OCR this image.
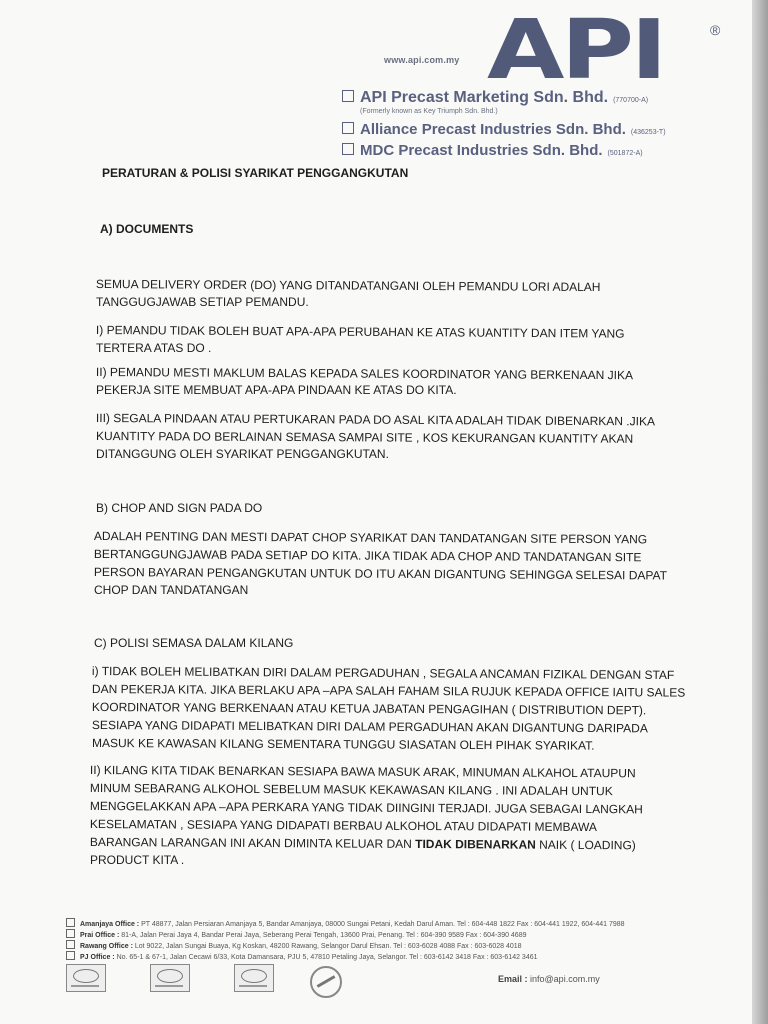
www.api.com.my API	®
API Precast Marketing Sdn. Bhd. (770700-A)
(Formerly known as Key Triumph Sdn. Bhd.)
Alliance Precast Industries Sdn. Bhd. (436253-T)
MDC Precast Industries Sdn. Bhd. (501872-A)
PERATURAN & POLISI SYARIKAT PENGGANGKUTAN
A) DOCUMENTS
SEMUA DELIVERY ORDER (DO) YANG DITANDATANGANI OLEH PEMANDU LORI ADALAH
TANGGUGJAWAB SETIAP PEMANDU.
I) PEMANDU TIDAK BOLEH BUAT APA-APA PERUBAHAN KE ATAS KUANTITY DAN ITEM YANG
TERTERA ATAS DO .
II) PEMANDU MESTI MAKLUM BALAS KEPADA SALES KOORDINATOR YANG BERKENAAN JIKA
PEKERJA SITE MEMBUAT APA-APA PINDAAN KE ATAS DO KITA.
III) SEGALA PINDAAN ATAU PERTUKARAN PADA DO ASAL KITA ADALAH TIDAK DIBENARKAN .JIKA
KUANTITY PADA DO BERLAINAN SEMASA SAMPAI SITE , KOS KEKURANGAN KUANTITY AKAN
DITANGGUNG OLEH SYARIKAT PENGGANGKUTAN.
B) CHOP AND SIGN PADA DO
ADALAH PENTING DAN MESTI DAPAT CHOP SYARIKAT DAN TANDATANGAN SITE PERSON YANG
BERTANGGUNGJAWAB PADA SETIAP DO KITA. JIKA TIDAK ADA CHOP AND TANDATANGAN SITE
PERSON BAYARAN PENGANGKUTAN UNTUK DO ITU AKAN DIGANTUNG SEHINGGA SELESAI DAPAT
CHOP DAN TANDATANGAN
C) POLISI SEMASA DALAM KILANG
i) TIDAK BOLEH MELIBATKAN DIRI DALAM PERGADUHAN , SEGALA ANCAMAN FIZIKAL DENGAN STAF
DAN PEKERJA KITA. JIKA BERLAKU APA –APA SALAH FAHAM SILA RUJUK KEPADA OFFICE IAITU SALES
KOORDINATOR YANG BERKENAAN ATAU KETUA JABATAN PENGAGIHAN ( DISTRIBUTION DEPT).
SESIAPA YANG DIDAPATI MELIBATKAN DIRI DALAM PERGADUHAN AKAN DIGANTUNG DARIPADA
MASUK KE KAWASAN KILANG SEMENTARA TUNGGU SIASATAN OLEH PIHAK SYARIKAT.
II) KILANG KITA TIDAK BENARKAN SESIAPA BAWA MASUK ARAK, MINUMAN ALKAHOL ATAUPUN
MINUM SEBARANG ALKOHOL SEBELUM MASUK KEKAWASAN KILANG . INI ADALAH UNTUK
MENGGELAKKAN APA –APA PERKARA YANG TIDAK DIINGINI TERJADI. JUGA SEBAGAI LANGKAH
KESELAMATAN , SESIAPA YANG DIDAPATI BERBAU ALKOHOL ATAU DIDAPATI MEMBAWA
BARANGAN LARANGAN INI AKAN DIMINTA KELUAR DAN TIDAK DIBENARKAN NAIK ( LOADING)
PRODUCT KITA .
Amanjaya Office : PT 48877, Jalan Persiaran Amanjaya 5, Bandar Amanjaya, 08000 Sungai Petani, Kedah Darul Aman. Tel : 604-448 1822 Fax : 604-441 1922, 604-441 7988
Prai Office : 81-A, Jalan Perai Jaya 4, Bandar Perai Jaya, Seberang Perai Tengah, 13600 Prai, Penang. Tel : 604-390 9589 Fax : 604-390 4689
Rawang Office : Lot 9022, Jalan Sungai Buaya, Kg Koskan, 48200 Rawang, Selangor Darul Ehsan. Tel : 603-6028 4088 Fax : 603-6028 4018
PJ Office : No. 65-1 & 67-1, Jalan Cecawi 6/33, Kota Damansara, PJU 5, 47810 Petaling Jaya, Selangor. Tel : 603-6142 3418 Fax : 603-6142 3461
Email : info@api.com.my
